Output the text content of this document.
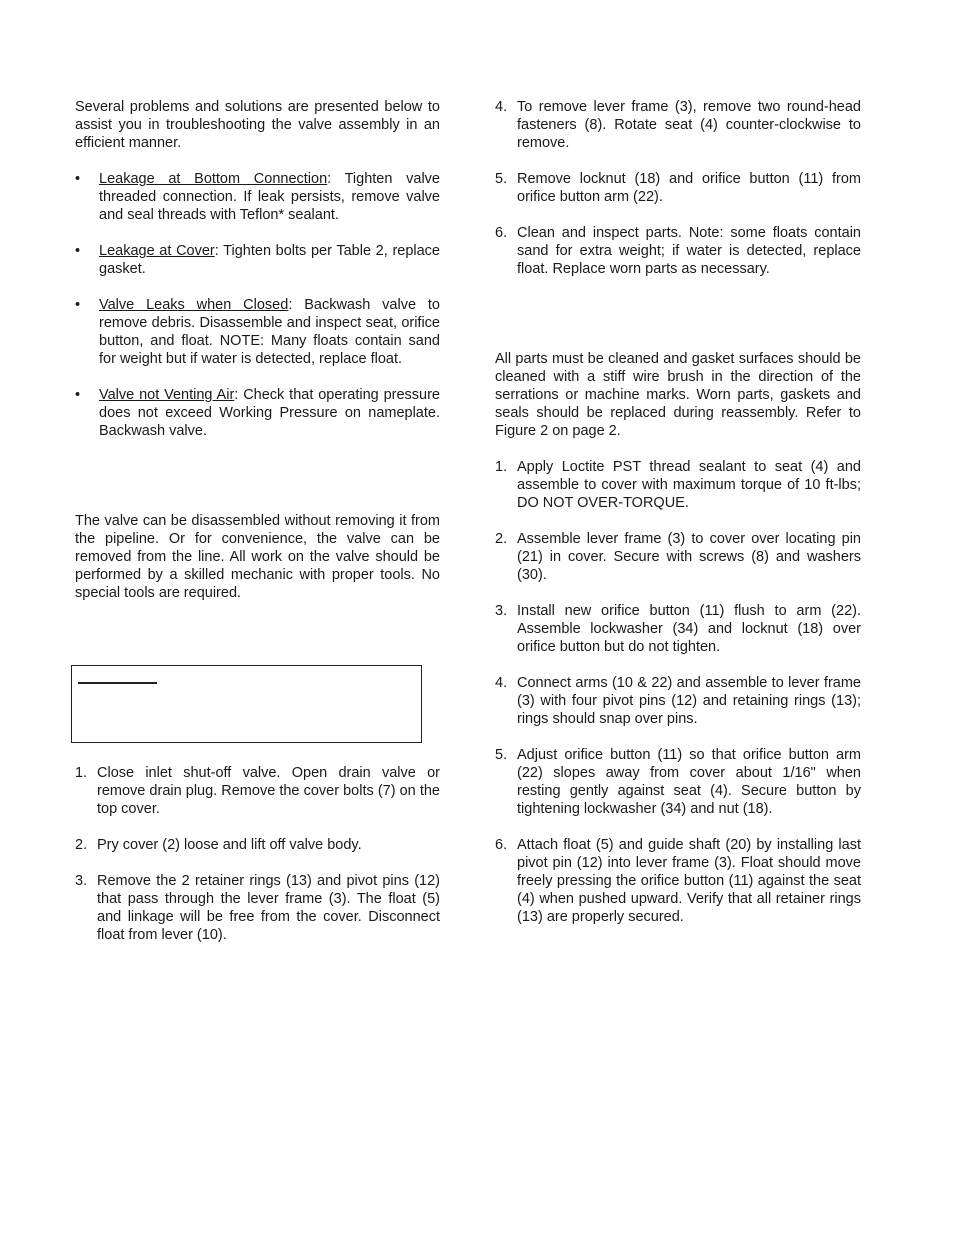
Several problems and solutions are presented below to assist you in troubleshooting the valve assembly in an efficient manner.

• Leakage at Bottom Connection: Tighten valve threaded connection. If leak persists, remove valve and seal threads with Teflon* sealant.
• Leakage at Cover: Tighten bolts per Table 2, replace gasket.
• Valve Leaks when Closed: Backwash valve to remove debris. Disassemble and inspect seat, orifice button, and float. NOTE: Many floats contain sand for weight but if water is detected, replace float.
• Valve not Venting Air: Check that operating pressure does not exceed Working Pressure on nameplate. Backwash valve.

The valve can be disassembled without removing it from the pipeline. Or for convenience, the valve can be removed from the line. All work on the valve should be performed by a skilled mechanic with proper tools. No special tools are required.

1. Close inlet shut-off valve. Open drain valve or remove drain plug. Remove the cover bolts (7) on the top cover.
2. Pry cover (2) loose and lift off valve body.
3. Remove the 2 retainer rings (13) and pivot pins (12) that pass through the lever frame (3). The float (5) and linkage will be free from the cover. Disconnect float from lever (10).
4. To remove lever frame (3), remove two round-head fasteners (8). Rotate seat (4) counter-clockwise to remove.
5. Remove locknut (18) and orifice button (11) from orifice button arm (22).
6. Clean and inspect parts. Note: some floats contain sand for extra weight; if water is detected, replace float. Replace worn parts as necessary.

All parts must be cleaned and gasket surfaces should be cleaned with a stiff wire brush in the direction of the serrations or machine marks. Worn parts, gaskets and seals should be replaced during reassembly. Refer to Figure 2 on page 2.

1. Apply Loctite PST thread sealant to seat (4) and assemble to cover with maximum torque of 10 ft-lbs; DO NOT OVER-TORQUE.
2. Assemble lever frame (3) to cover over locating pin (21) in cover. Secure with screws (8) and washers (30).
3. Install new orifice button (11) flush to arm (22). Assemble lockwasher (34) and locknut (18) over orifice button but do not tighten.
4. Connect arms (10 & 22) and assemble to lever frame (3) with four pivot pins (12) and retaining rings (13); rings should snap over pins.
5. Adjust orifice button (11) so that orifice button arm (22) slopes away from cover about 1/16" when resting gently against seat (4). Secure button by tightening lockwasher (34) and nut (18).
6. Attach float (5) and guide shaft (20) by installing last pivot pin (12) into lever frame (3). Float should move freely pressing the orifice button (11) against the seat (4) when pushed upward. Verify that all retainer rings (13) are properly secured.
